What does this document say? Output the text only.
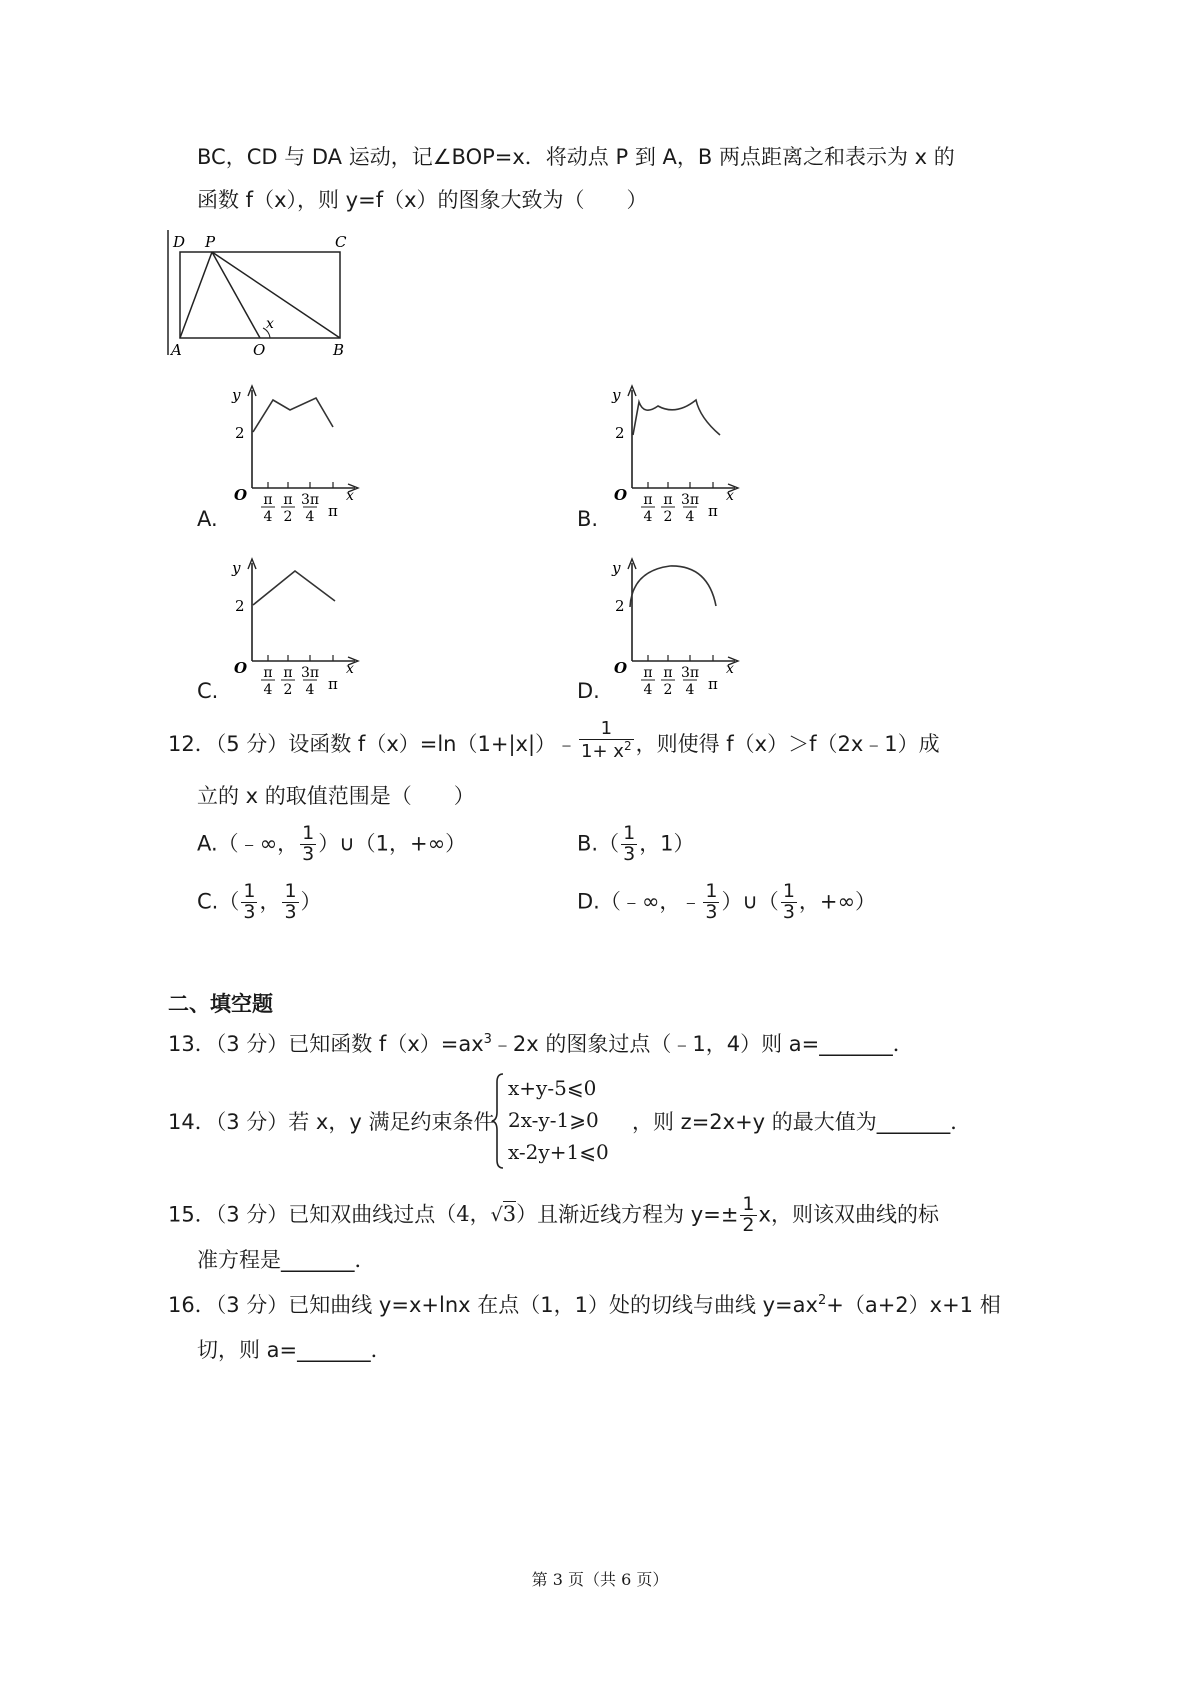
BC，CD 与 DA 运动，记∠BOP=x．将动点 P 到 A，B 两点距离之和表示为 x 的
函数 f（x），则 y=f（x）的图象大致为（　　）
D P	C
A	O	B
x
A.	B.
C.	D.
y
2
O	x
π
4
π
2
3π
4 π
y
2
O	x
π
4
π
2
3π
4 π
y
2
O	x
π
4
π
2
3π
4 π
y
2
O	x
π
4
π
2
3π
4 π
12．（5 分）设函数 f（x）=ln（1+|x|）﹣ $\frac{1}{1+ x^2}$ ，则使得 f（x）＞f（2x﹣1）成
立的 x 的取值范围是（　　）
A.（﹣∞， $\frac{1}{3}$ ）∪（1，+∞）	$B.( \frac{1}{3}$ ，1）
$C.( \frac{1}{3}$ ， $\frac{1}{3}$ ）	D.（﹣∞，﹣ $\frac{1}{3}$ ）∪（ $\frac{1}{3}$ ，+∞）
二、填空题
13．（3 分）已知函数 $f(x)=ax^3﹣2x$ 的图象过点（﹣1，4）则 a=_______．
14．（3 分）若 x，y 满足约束条件
x+y-5⩽0
2x-y-1⩾0
x-2y+1⩽0
，则 z=2x+y 的最大值为_______．
15．（3 分）已知双曲线过点（4，√3）且渐近线方程为 $y=\pm \frac{1}{2}$ x，则该双曲线的标
准方程是_______．
16．（3 分）已知曲线 y=x+lnx 在点（1，1）处的切线与曲线 $y=ax^2+(a+2)x+1$ 相
切，则 a=_______．
第 3 页（共 6 页）
